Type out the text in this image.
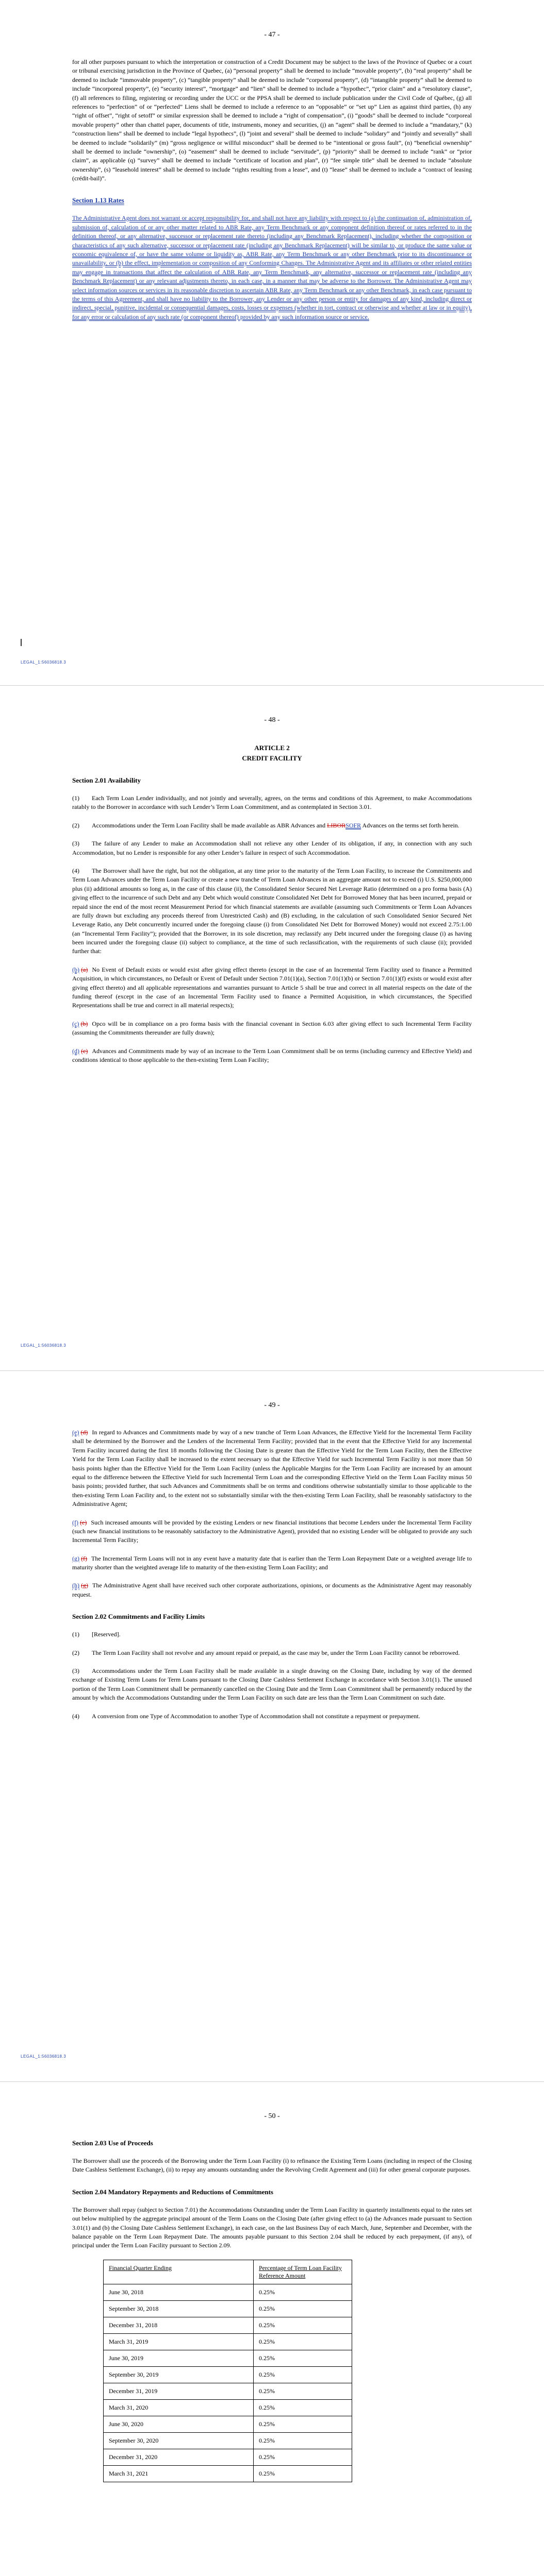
- 47 -

for all other purposes pursuant to which the interpretation or construction of a Credit Document may be subject to the laws of the Province of Quebec or a court or tribunal exercising jurisdiction in the Province of Quebec, (a) “personal property” shall be deemed to include “movable property”, (b) “real property” shall be deemed to include “immovable property”, (c) “tangible property” shall be deemed to include “corporeal property”, (d) “intangible property” shall be deemed to include “incorporeal property”, (e) “security interest”, “mortgage” and “lien” shall be deemed to include a “hypothec”, “prior claim” and a “resolutory clause”, (f) all references to filing, registering or recording under the UCC or the PPSA shall be deemed to include publication under the Civil Code of Québec, (g) all references to “perfection” of or “perfected” Liens shall be deemed to include a reference to an “opposable” or “set up” Lien as against third parties, (h) any “right of offset”, “right of setoff” or similar expression shall be deemed to include a “right of compensation”, (i) “goods” shall be deemed to include “corporeal movable property” other than chattel paper, documents of title, instruments, money and securities, (j) an “agent” shall be deemed to include a “mandatary,” (k) “construction liens” shall be deemed to include “legal hypothecs”, (l) “joint and several” shall be deemed to include “solidary” and “jointly and severally” shall be deemed to include “solidarily” (m) “gross negligence or willful misconduct” shall be deemed to be “intentional or gross fault”, (n) “beneficial ownership” shall be deemed to include “ownership”, (o) “easement” shall be deemed to include “servitude”, (p) “priority” shall be deemed to include “rank” or “prior claim”, as applicable (q) “survey” shall be deemed to include “certificate of location and plan”, (r) “fee simple title” shall be deemed to include “absolute ownership”, (s) “leasehold interest” shall be deemed to include “rights resulting from a lease”, and (t) “lease” shall be deemed to include a “contract of leasing (crédit-bail)”.

Section 1.13 Rates

The Administrative Agent does not warrant or accept responsibility for, and shall not have any liability with respect to (a) the continuation of, administration of, submission of, calculation of or any other matter related to ABR Rate, any Term Benchmark or any component definition thereof or rates referred to in the definition thereof, or any alternative, successor or replacement rate thereto (including any Benchmark Replacement), including whether the composition or characteristics of any such alternative, successor or replacement rate (including any Benchmark Replacement) will be similar to, or produce the same value or economic equivalence of, or have the same volume or liquidity as, ABR Rate, any Term Benchmark or any other Benchmark prior to its discontinuance or unavailability, or (b) the effect, implementation or composition of any Conforming Changes. The Administrative Agent and its affiliates or other related entities may engage in transactions that affect the calculation of ABR Rate, any Term Benchmark, any alternative, successor or replacement rate (including any Benchmark Replacement) or any relevant adjustments thereto, in each case, in a manner that may be adverse to the Borrower. The Administrative Agent may select information sources or services in its reasonable discretion to ascertain ABR Rate, any Term Benchmark or any other Benchmark, in each case pursuant to the terms of this Agreement, and shall have no liability to the Borrower, any Lender or any other person or entity for damages of any kind, including direct or indirect, special, punitive, incidental or consequential damages, costs, losses or expenses (whether in tort, contract or otherwise and whether at law or in equity), for any error or calculation of any such rate (or component thereof) provided by any such information source or service.

LEGAL_1:56036818.3
- 48 -
ARTICLE 2
CREDIT FACILITY
Section 2.01 Availability

(1) Each Term Loan Lender individually, and not jointly and severally, agrees, on the terms and conditions of this Agreement, to make Accommodations ratably to the Borrower in accordance with such Lender’s Term Loan Commitment, and as contemplated in Section 3.01.

(2) Accommodations under the Term Loan Facility shall be made available as ABR Advances and LIBORSOFR Advances on the terms set forth herein.

(3) The failure of any Lender to make an Accommodation shall not relieve any other Lender of its obligation, if any, in connection with any such Accommodation, but no Lender is responsible for any other Lender’s failure in respect of such Accommodation.

(4) The Borrower shall have the right, but not the obligation, at any time prior to the maturity of the Term Loan Facility, to increase the Commitments and Term Loan Advances under the Term Loan Facility or create a new tranche of Term Loan Advances in an aggregate amount not to exceed (i) U.S. $250,000,000 plus (ii) additional amounts so long as, in the case of this clause (ii), the Consolidated Senior Secured Net Leverage Ratio (determined on a pro forma basis (A) giving effect to the incurrence of such Debt and any Debt which would constitute Consolidated Net Debt for Borrowed Money that has been incurred, prepaid or repaid since the end of the most recent Measurement Period for which financial statements are available (assuming such Commitments or Term Loan Advances are fully drawn but excluding any proceeds thereof from Unrestricted Cash) and (B) excluding, in the calculation of such Consolidated Senior Secured Net Leverage Ratio, any Debt concurrently incurred under the foregoing clause (i) from Consolidated Net Debt for Borrowed Money) would not exceed 2.75:1.00 (an “Incremental Term Facility”); provided that the Borrower, in its sole discretion, may reclassify any Debt incurred under the foregoing clause (i) as having been incurred under the foregoing clause (ii) subject to compliance, at the time of such reclassification, with the requirements of such clause (ii); provided further that:

(b) (a) No Event of Default exists or would exist after giving effect thereto (except in the case of an Incremental Term Facility used to finance a Permitted Acquisition, in which circumstances, no Default or Event of Default under Section 7.01(1)(a), Section 7.01(1)(b) or Section 7.01(1)(f) exists or would exist after giving effect thereto) and all applicable representations and warranties pursuant to Article 5 shall be true and correct in all material respects on the date of the funding thereof (except in the case of an Incremental Term Facility used to finance a Permitted Acquisition, in which circumstances, the Specified Representations shall be true and correct in all material respects);

(c) (b) Opco will be in compliance on a pro forma basis with the financial covenant in Section 6.03 after giving effect to such Incremental Term Facility (assuming the Commitments thereunder are fully drawn);

(d) (c) Advances and Commitments made by way of an increase to the Term Loan Commitment shall be on terms (including currency and Effective Yield) and conditions identical to those applicable to the then-existing Term Loan Facility;

LEGAL_1:56036818.3
- 49 -

(e) (d) In regard to Advances and Commitments made by way of a new tranche of Term Loan Advances, the Effective Yield for the Incremental Term Facility shall be determined by the Borrower and the Lenders of the Incremental Term Facility; provided that in the event that the Effective Yield for any Incremental Term Facility incurred during the first 18 months following the Closing Date is greater than the Effective Yield for the Term Loan Facility, then the Effective Yield for the Term Loan Facility shall be increased to the extent necessary so that the Effective Yield for such Incremental Term Facility is not more than 50 basis points higher than the Effective Yield for the Term Loan Facility (unless the Applicable Margins for the Term Loan Facility are increased by an amount equal to the difference between the Effective Yield for such Incremental Term Loan and the corresponding Effective Yield on the Term Loan Facility minus 50 basis points; provided further, that such Advances and Commitments shall be on terms and conditions otherwise substantially similar to those applicable to the then-existing Term Loan Facility and, to the extent not so substantially similar with the then-existing Term Loan Facility, shall be reasonably satisfactory to the Administrative Agent;

(f) (e) Such increased amounts will be provided by the existing Lenders or new financial institutions that become Lenders under the Incremental Term Facility (such new financial institutions to be reasonably satisfactory to the Administrative Agent), provided that no existing Lender will be obligated to provide any such Incremental Term Facility;

(g) (f) The Incremental Term Loans will not in any event have a maturity date that is earlier than the Term Loan Repayment Date or a weighted average life to maturity shorter than the weighted average life to maturity of the then-existing Term Loan Facility; and

(h) (g) The Administrative Agent shall have received such other corporate authorizations, opinions, or documents as the Administrative Agent may reasonably request.

Section 2.02 Commitments and Facility Limits

(1) [Reserved].

(2) The Term Loan Facility shall not revolve and any amount repaid or prepaid, as the case may be, under the Term Loan Facility cannot be reborrowed.

(3) Accommodations under the Term Loan Facility shall be made available in a single drawing on the Closing Date, including by way of the deemed exchange of Existing Term Loans for Term Loans pursuant to the Closing Date Cashless Settlement Exchange in accordance with Section 3.01(1). The unused portion of the Term Loan Commitment shall be permanently cancelled on the Closing Date and the Term Loan Commitment shall be permanently reduced by the amount by which the Accommodations Outstanding under the Term Loan Facility on such date are less than the Term Loan Commitment on such date.

(4) A conversion from one Type of Accommodation to another Type of Accommodation shall not constitute a repayment or prepayment.

LEGAL_1:56036818.3
- 50 -
Section 2.03 Use of Proceeds

The Borrower shall use the proceeds of the Borrowing under the Term Loan Facility (i) to refinance the Existing Term Loans (including in respect of the Closing Date Cashless Settlement Exchange), (ii) to repay any amounts outstanding under the Revolving Credit Agreement and (iii) for other general corporate purposes.

Section 2.04 Mandatory Repayments and Reductions of Commitments

The Borrower shall repay (subject to Section 7.01) the Accommodations Outstanding under the Term Loan Facility in quarterly installments equal to the rates set out below multiplied by the aggregate principal amount of the Term Loans on the Closing Date (after giving effect to (a) the Advances made pursuant to Section 3.01(1) and (b) the Closing Date Cashless Settlement Exchange), in each case, on the last Business Day of each March, June, September and December, with the balance payable on the Term Loan Repayment Date. The amounts payable pursuant to this Section 2.04 shall be reduced by each prepayment, (if any), of principal under the Term Loan Facility pursuant to Section 2.09.

Financial Quarter Ending	Percentage of Term Loan Facility Reference Amount
June 30, 2018	0.25%
September 30, 2018	0.25%
December 31, 2018	0.25%
March 31, 2019	0.25%
June 30, 2019	0.25%
September 30, 2019	0.25%
December 31, 2019	0.25%
March 31, 2020	0.25%
June 30, 2020	0.25%
September 30, 2020	0.25%
December 31, 2020	0.25%
March 31, 2021	0.25%
